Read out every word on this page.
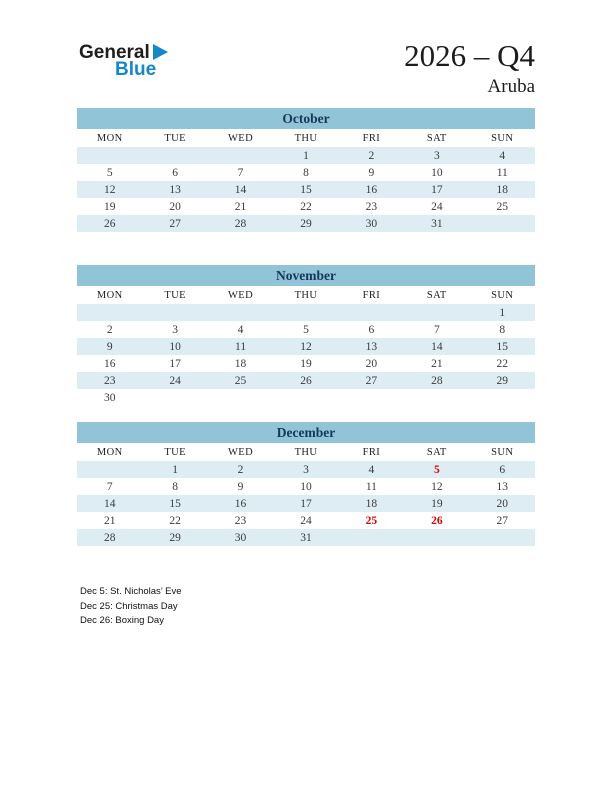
General
Blue	2026 – Q4
Aruba
October						
MON	TUE	WED	THU	FRI	SAT	SUN
			1	2	3	4
5	6	7	8	9	10	11
12	13	14	15	16	17	18
19	20	21	22	23	24	25
26	27	28	29	30	31	
November						
MON	TUE	WED	THU	FRI	SAT	SUN
						1
2	3	4	5	6	7	8
9	10	11	12	13	14	15
16	17	18	19	20	21	22
23	24	25	26	27	28	29
30						
December						
MON	TUE	WED	THU	FRI	SAT	SUN
	1	2	3	4	5	6
7	8	9	10	11	12	13
14	15	16	17	18	19	20
21	22	23	24	25	26	27
28	29	30	31			
Dec 5: St. Nicholas’ Eve
Dec 25: Christmas Day
Dec 26: Boxing Day
